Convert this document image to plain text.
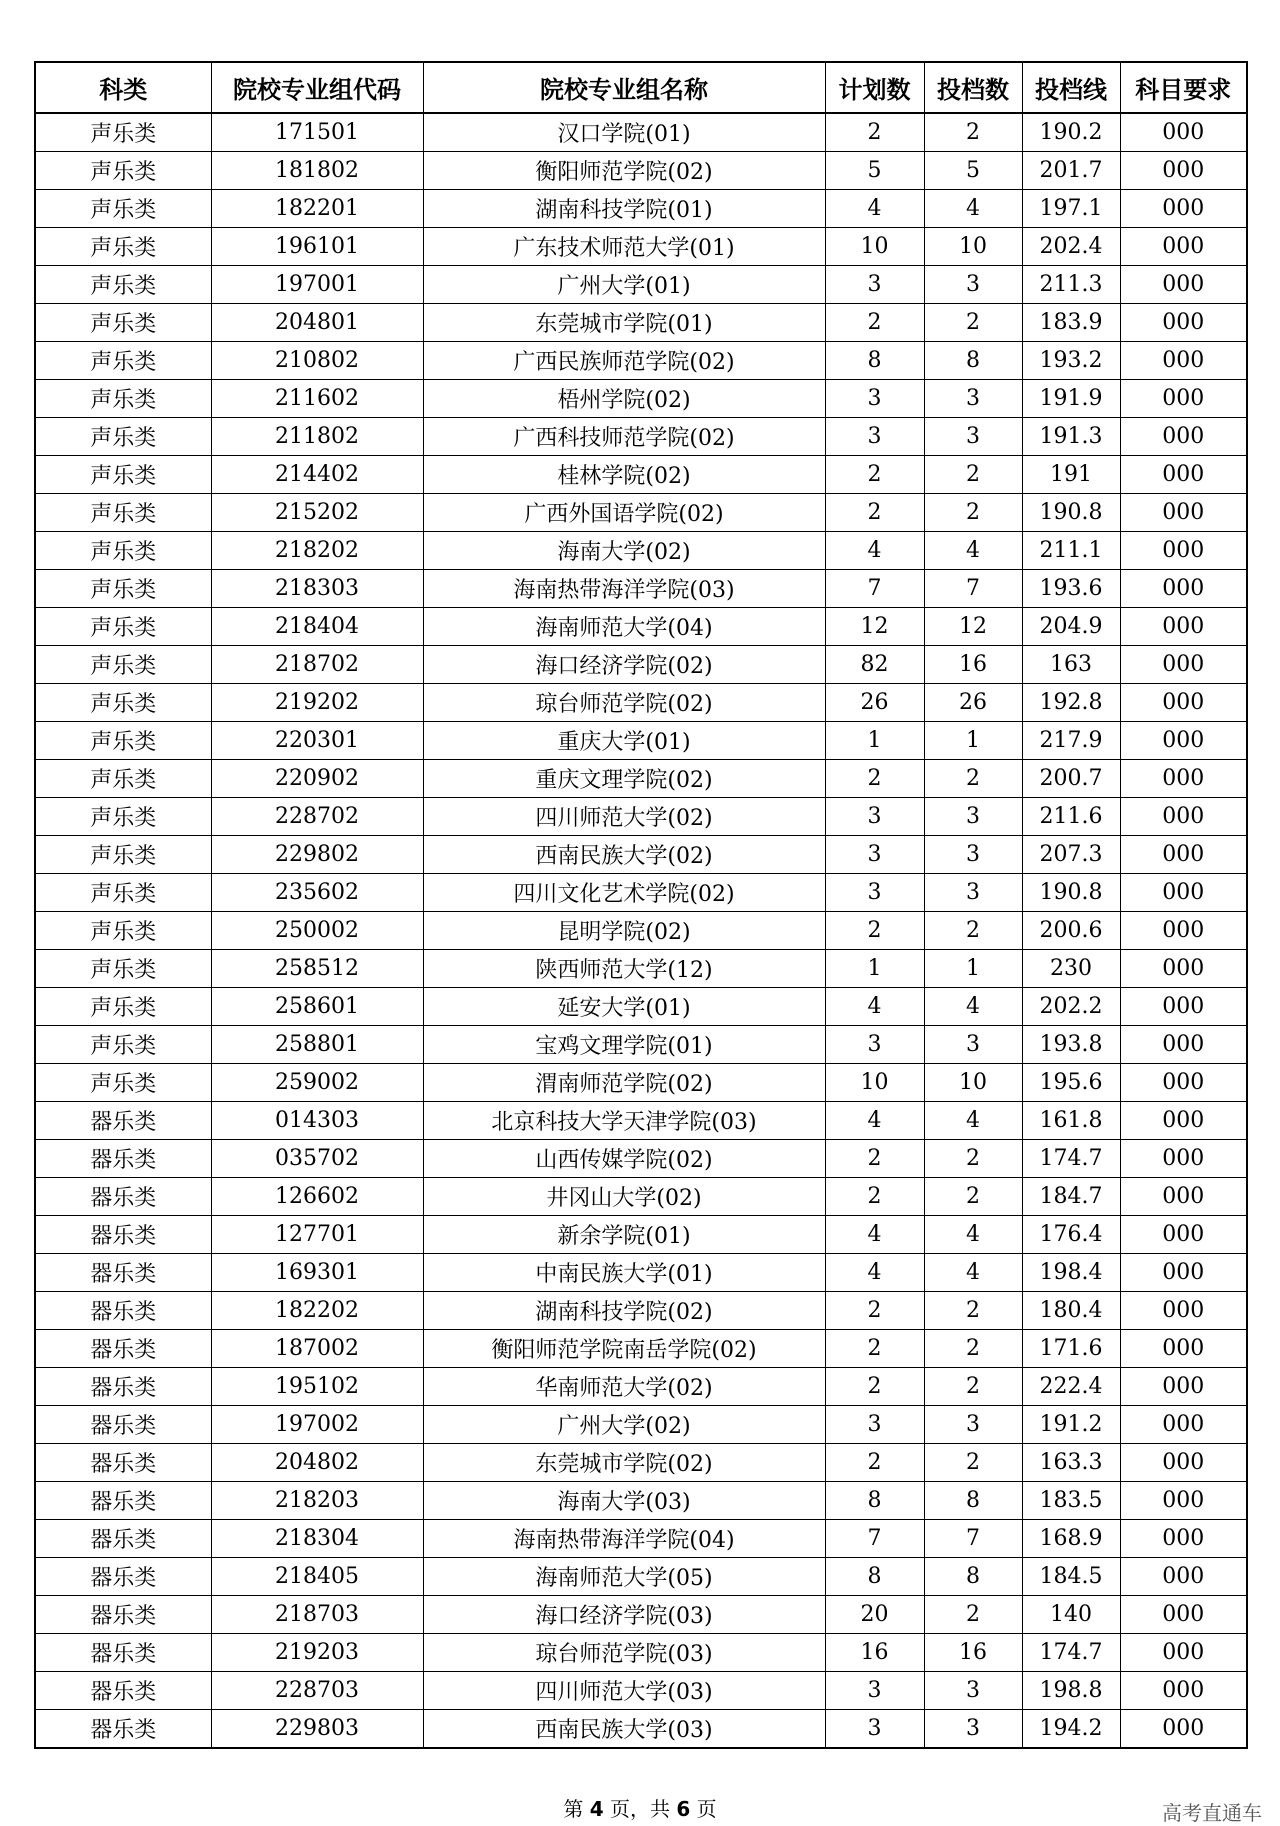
科类	院校专业组代码	院校专业组名称	计划数	投档数	投档线	科目要求
声乐类	171501	汉口学院(01)	2	2	190.2	000
声乐类	181802	衡阳师范学院(02)	5	5	201.7	000
声乐类	182201	湖南科技学院(01)	4	4	197.1	000
声乐类	196101	广东技术师范大学(01)	10	10	202.4	000
声乐类	197001	广州大学(01)	3	3	211.3	000
声乐类	204801	东莞城市学院(01)	2	2	183.9	000
声乐类	210802	广西民族师范学院(02)	8	8	193.2	000
声乐类	211602	梧州学院(02)	3	3	191.9	000
声乐类	211802	广西科技师范学院(02)	3	3	191.3	000
声乐类	214402	桂林学院(02)	2	2	191	000
声乐类	215202	广西外国语学院(02)	2	2	190.8	000
声乐类	218202	海南大学(02)	4	4	211.1	000
声乐类	218303	海南热带海洋学院(03)	7	7	193.6	000
声乐类	218404	海南师范大学(04)	12	12	204.9	000
声乐类	218702	海口经济学院(02)	82	16	163	000
声乐类	219202	琼台师范学院(02)	26	26	192.8	000
声乐类	220301	重庆大学(01)	1	1	217.9	000
声乐类	220902	重庆文理学院(02)	2	2	200.7	000
声乐类	228702	四川师范大学(02)	3	3	211.6	000
声乐类	229802	西南民族大学(02)	3	3	207.3	000
声乐类	235602	四川文化艺术学院(02)	3	3	190.8	000
声乐类	250002	昆明学院(02)	2	2	200.6	000
声乐类	258512	陕西师范大学(12)	1	1	230	000
声乐类	258601	延安大学(01)	4	4	202.2	000
声乐类	258801	宝鸡文理学院(01)	3	3	193.8	000
声乐类	259002	渭南师范学院(02)	10	10	195.6	000
器乐类	014303	北京科技大学天津学院(03)	4	4	161.8	000
器乐类	035702	山西传媒学院(02)	2	2	174.7	000
器乐类	126602	井冈山大学(02)	2	2	184.7	000
器乐类	127701	新余学院(01)	4	4	176.4	000
器乐类	169301	中南民族大学(01)	4	4	198.4	000
器乐类	182202	湖南科技学院(02)	2	2	180.4	000
器乐类	187002	衡阳师范学院南岳学院(02)	2	2	171.6	000
器乐类	195102	华南师范大学(02)	2	2	222.4	000
器乐类	197002	广州大学(02)	3	3	191.2	000
器乐类	204802	东莞城市学院(02)	2	2	163.3	000
器乐类	218203	海南大学(03)	8	8	183.5	000
器乐类	218304	海南热带海洋学院(04)	7	7	168.9	000
器乐类	218405	海南师范大学(05)	8	8	184.5	000
器乐类	218703	海口经济学院(03)	20	2	140	000
器乐类	219203	琼台师范学院(03)	16	16	174.7	000
器乐类	228703	四川师范大学(03)	3	3	198.8	000
器乐类	229803	西南民族大学(03)	3	3	194.2	000
第 4 页，共 6 页	高考直通车
